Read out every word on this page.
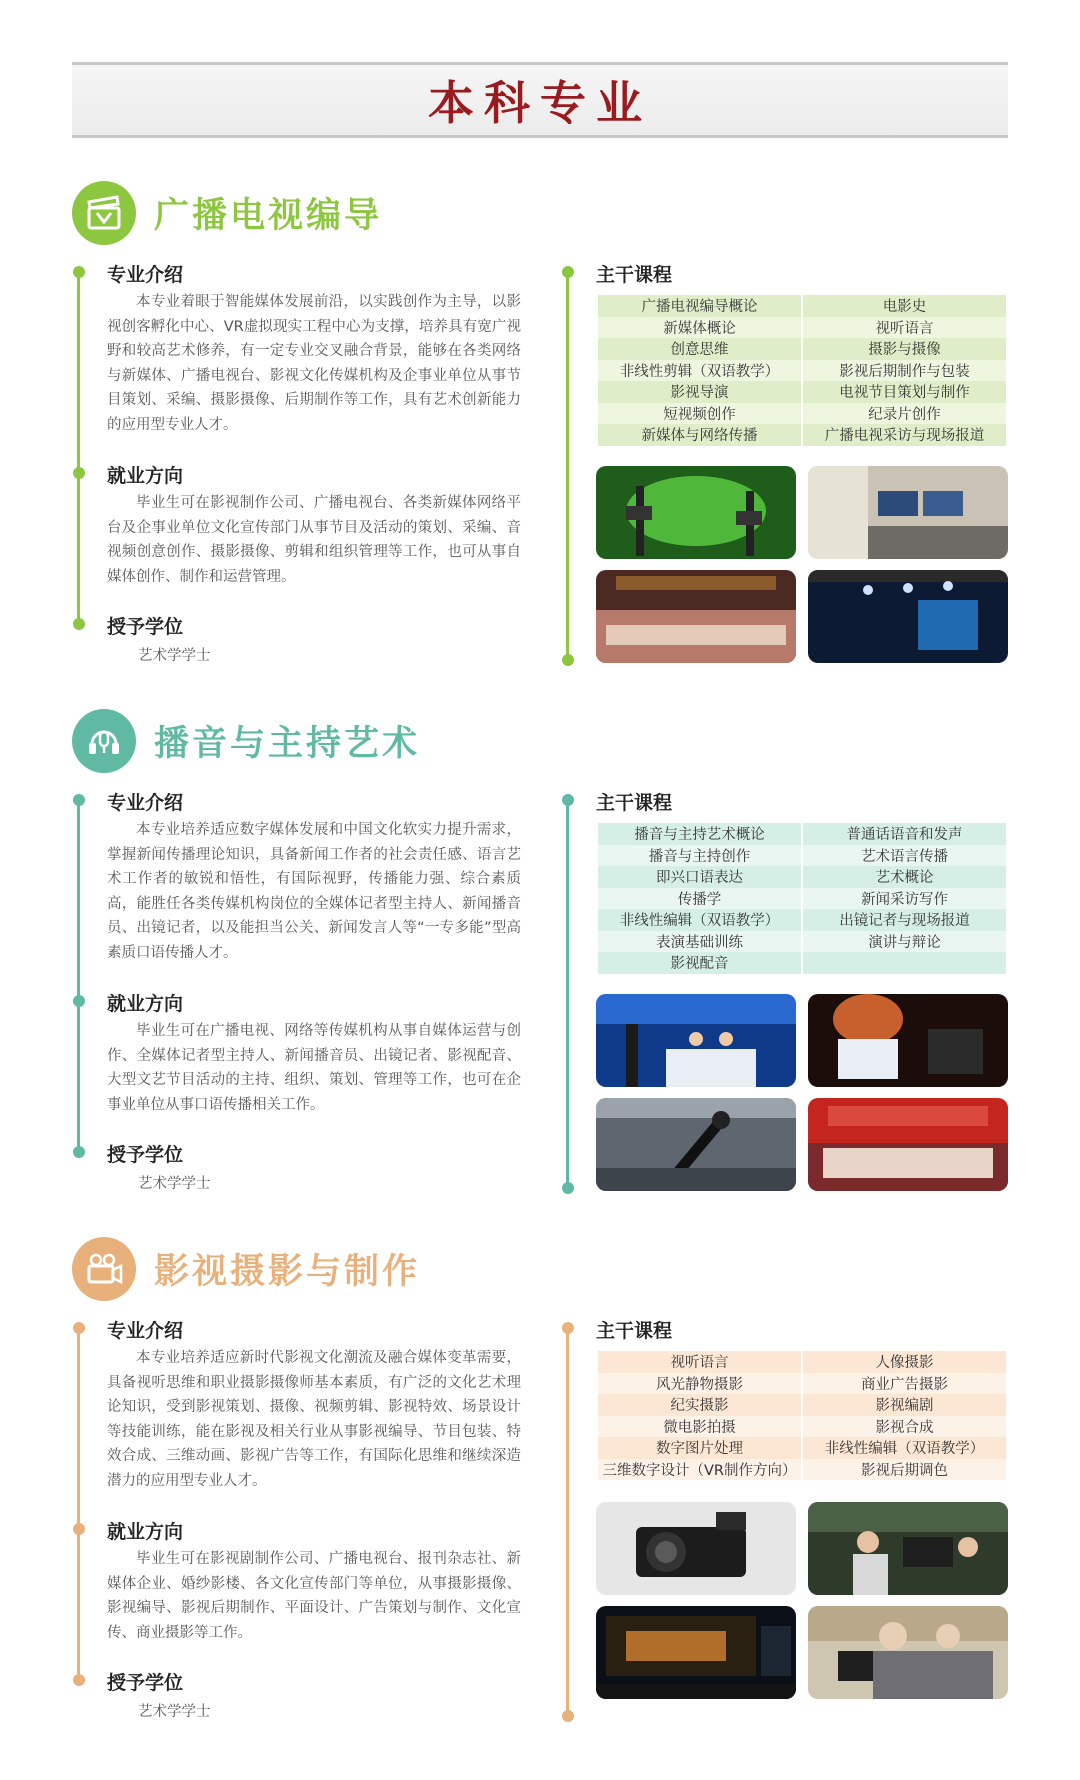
本科专业
广播电视编导
专业介绍
本专业着眼于智能媒体发展前沿，以实践创作为主导，以影视创客孵化中心、VR虚拟现实工程中心为支撑，培养具有宽广视野和较高艺术修养，有一定专业交叉融合背景，能够在各类网络与新媒体、广播电视台、影视文化传媒机构及企事业单位从事节目策划、采编、摄影摄像、后期制作等工作，具有艺术创新能力的应用型专业人才。
就业方向
毕业生可在影视制作公司、广播电视台、各类新媒体网络平台及企事业单位文化宣传部门从事节目及活动的策划、采编、音视频创意创作、摄影摄像、剪辑和组织管理等工作，也可从事自媒体创作、制作和运营管理。
授予学位
艺术学学士
主干课程
广播电视编导概论	电影史
新媒体概论	视听语言
创意思维	摄影与摄像
非线性剪辑（双语教学）	影视后期制作与包装
影视导演	电视节目策划与制作
短视频创作	纪录片创作
新媒体与网络传播	广播电视采访与现场报道
播音与主持艺术
专业介绍
本专业培养适应数字媒体发展和中国文化软实力提升需求，掌握新闻传播理论知识，具备新闻工作者的社会责任感、语言艺术工作者的敏锐和悟性，有国际视野，传播能力强、综合素质高，能胜任各类传媒机构岗位的全媒体记者型主持人、新闻播音员、出镜记者，以及能担当公关、新闻发言人等“一专多能”型高素质口语传播人才。
就业方向
毕业生可在广播电视、网络等传媒机构从事自媒体运营与创作、全媒体记者型主持人、新闻播音员、出镜记者、影视配音、大型文艺节目活动的主持、组织、策划、管理等工作，也可在企事业单位从事口语传播相关工作。
授予学位
艺术学学士
主干课程
播音与主持艺术概论	普通话语音和发声
播音与主持创作	艺术语言传播
即兴口语表达	艺术概论
传播学	新闻采访写作
非线性编辑（双语教学）	出镜记者与现场报道
表演基础训练	演讲与辩论
影视配音	
影视摄影与制作
专业介绍
本专业培养适应新时代影视文化潮流及融合媒体变革需要，具备视听思维和职业摄影摄像师基本素质，有广泛的文化艺术理论知识，受到影视策划、摄像、视频剪辑、影视特效、场景设计等技能训练，能在影视及相关行业从事影视编导、节目包装、特效合成、三维动画、影视广告等工作，有国际化思维和继续深造潜力的应用型专业人才。
就业方向
毕业生可在影视剧制作公司、广播电视台、报刊杂志社、新媒体企业、婚纱影楼、各文化宣传部门等单位，从事摄影摄像、影视编导、影视后期制作、平面设计、广告策划与制作、文化宣传、商业摄影等工作。
授予学位
艺术学学士
主干课程
视听语言	人像摄影
风光静物摄影	商业广告摄影
纪实摄影	影视编剧
微电影拍摄	影视合成
数字图片处理	非线性编辑（双语教学）
三维数字设计（VR制作方向）	影视后期调色
